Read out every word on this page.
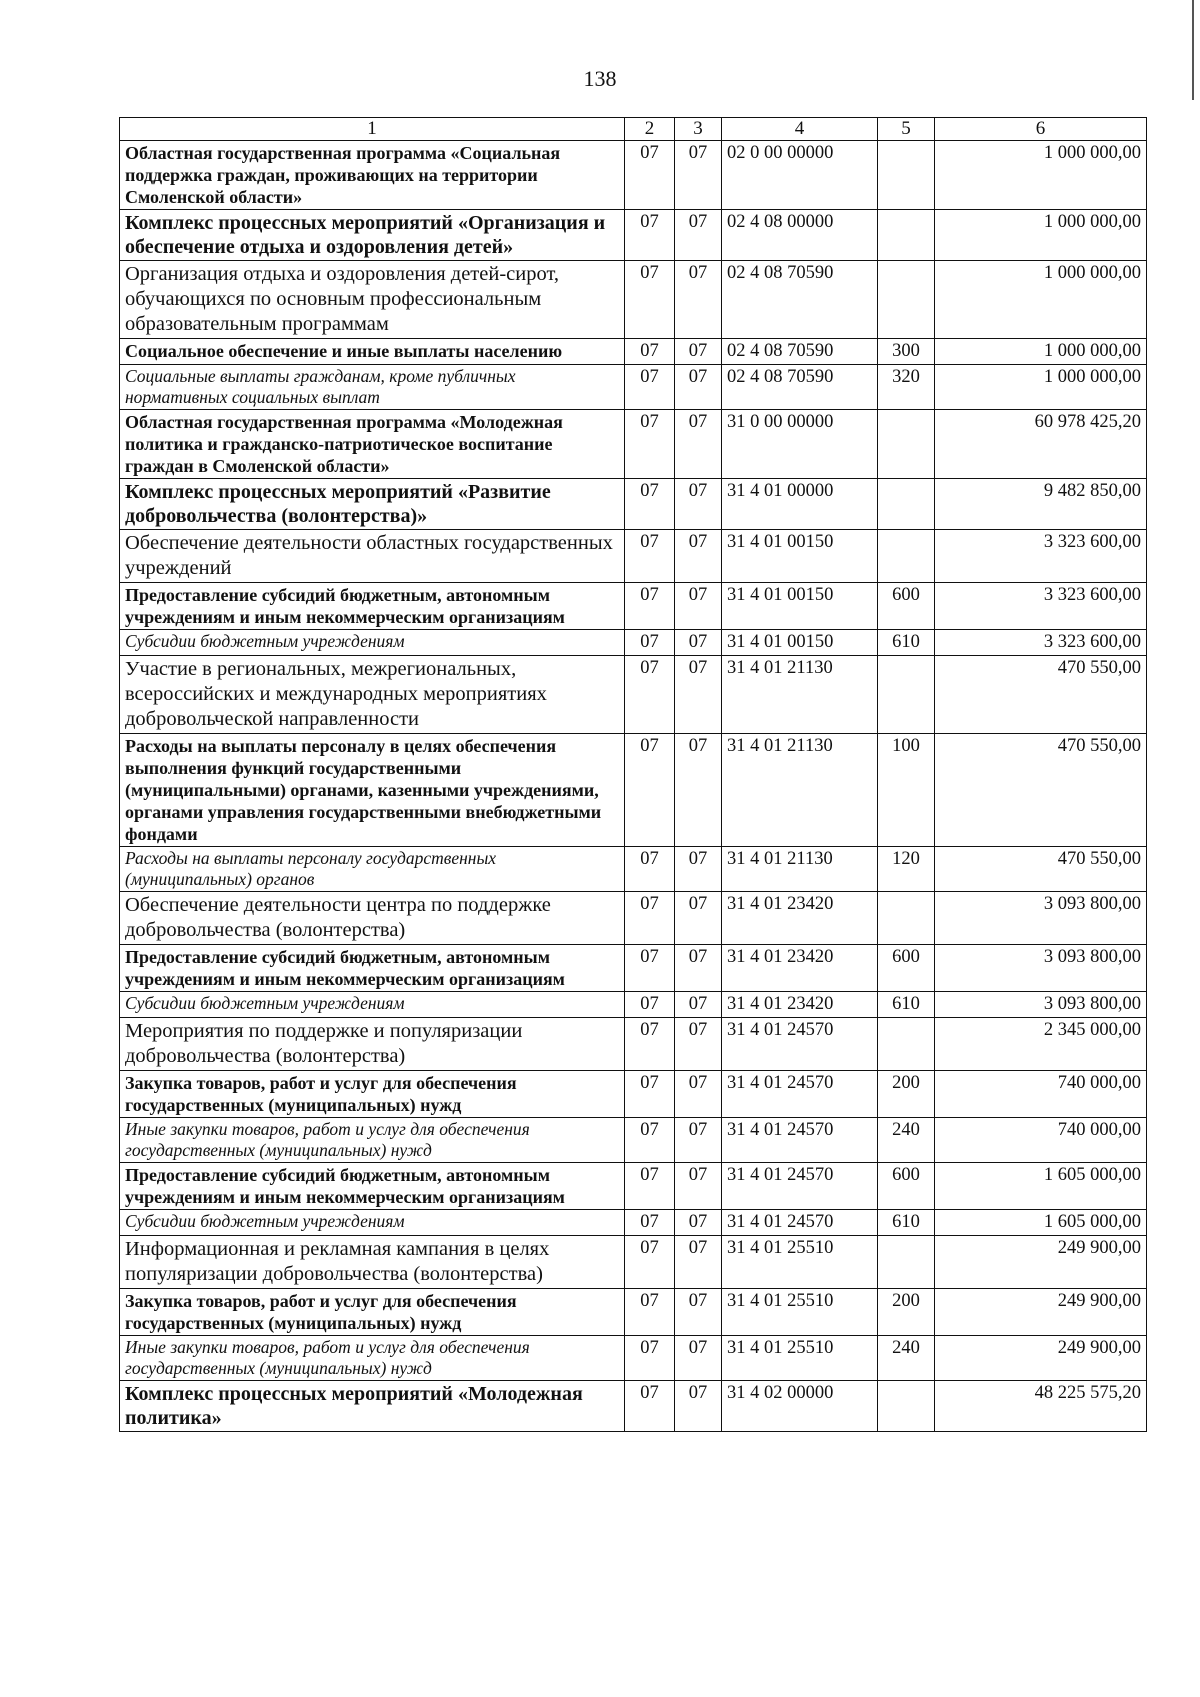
138
1	2	3	4	5	6
Областная государственная программа «Социальная поддержка граждан, проживающих на территории Смоленской области»	07	07	02 0 00 00000		1 000 000,00
Комплекс процессных мероприятий «Организация и обеспечение отдыха и оздоровления детей»	07	07	02 4 08 00000		1 000 000,00
Организация отдыха и оздоровления детей-сирот, обучающихся по основным профессиональным образовательным программам	07	07	02 4 08 70590		1 000 000,00
Социальное обеспечение и иные выплаты населению	07	07	02 4 08 70590	300	1 000 000,00
Социальные выплаты гражданам, кроме публичных нормативных социальных выплат	07	07	02 4 08 70590	320	1 000 000,00
Областная государственная программа «Молодежная политика и гражданско-патриотическое воспитание граждан в Смоленской области»	07	07	31 0 00 00000		60 978 425,20
Комплекс процессных мероприятий «Развитие добровольчества (волонтерства)»	07	07	31 4 01 00000		9 482 850,00
Обеспечение деятельности областных государственных учреждений	07	07	31 4 01 00150		3 323 600,00
Предоставление субсидий бюджетным, автономным учреждениям и иным некоммерческим организациям	07	07	31 4 01 00150	600	3 323 600,00
Субсидии бюджетным учреждениям	07	07	31 4 01 00150	610	3 323 600,00
Участие в региональных, межрегиональных, всероссийских и международных мероприятиях добровольческой направленности	07	07	31 4 01 21130		470 550,00
Расходы на выплаты персоналу в целях обеспечения выполнения функций государственными (муниципальными) органами, казенными учреждениями, органами управления государственными внебюджетными фондами	07	07	31 4 01 21130	100	470 550,00
Расходы на выплаты персоналу государственных (муниципальных) органов	07	07	31 4 01 21130	120	470 550,00
Обеспечение деятельности центра по поддержке добровольчества (волонтерства)	07	07	31 4 01 23420		3 093 800,00
Предоставление субсидий бюджетным, автономным учреждениям и иным некоммерческим организациям	07	07	31 4 01 23420	600	3 093 800,00
Субсидии бюджетным учреждениям	07	07	31 4 01 23420	610	3 093 800,00
Мероприятия по поддержке и популяризации добровольчества (волонтерства)	07	07	31 4 01 24570		2 345 000,00
Закупка товаров, работ и услуг для обеспечения государственных (муниципальных) нужд	07	07	31 4 01 24570	200	740 000,00
Иные закупки товаров, работ и услуг для обеспечения государственных (муниципальных) нужд	07	07	31 4 01 24570	240	740 000,00
Предоставление субсидий бюджетным, автономным учреждениям и иным некоммерческим организациям	07	07	31 4 01 24570	600	1 605 000,00
Субсидии бюджетным учреждениям	07	07	31 4 01 24570	610	1 605 000,00
Информационная и рекламная кампания в целях популяризации добровольчества (волонтерства)	07	07	31 4 01 25510		249 900,00
Закупка товаров, работ и услуг для обеспечения государственных (муниципальных) нужд	07	07	31 4 01 25510	200	249 900,00
Иные закупки товаров, работ и услуг для обеспечения государственных (муниципальных) нужд	07	07	31 4 01 25510	240	249 900,00
Комплекс процессных мероприятий «Молодежная политика»	07	07	31 4 02 00000		48 225 575,20
